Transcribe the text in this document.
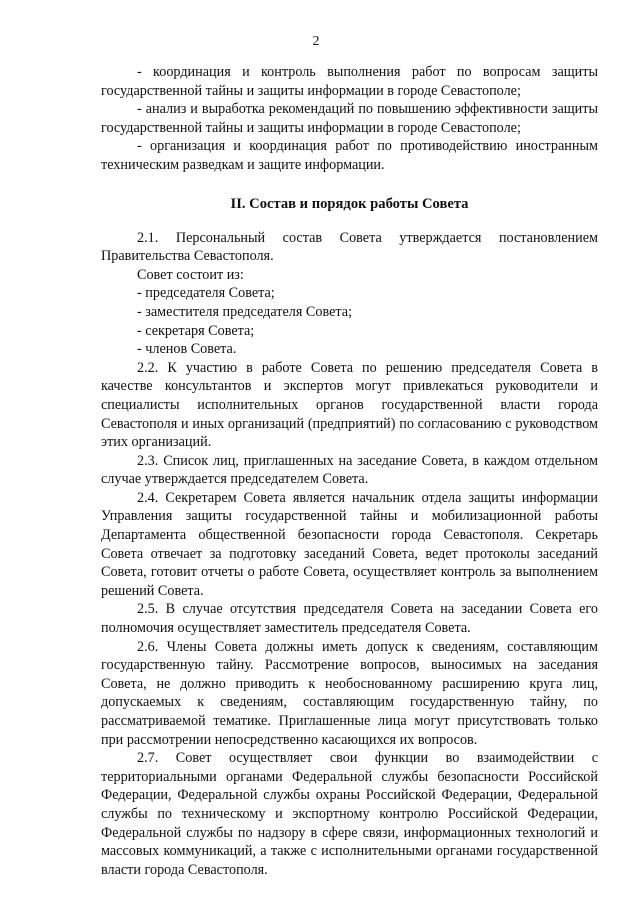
2

- координация и контроль выполнения работ по вопросам защиты государственной тайны и защиты информации в городе Севастополе;

- анализ и выработка рекомендаций по повышению эффективности защиты государственной тайны и защиты информации в городе Севастополе;

- организация и координация работ по противодействию иностранным техническим разведкам и защите информации.

II. Состав и порядок работы Совета

2.1. Персональный состав Совета утверждается постановлением Правительства Севастополя.

Совет состоит из:

- председателя Совета;

- заместителя председателя Совета;

- секретаря Совета;

- членов Совета.

2.2. К участию в работе Совета по решению председателя Совета в качестве консультантов и экспертов могут привлекаться руководители и специалисты исполнительных органов государственной власти города Севастополя и иных организаций (предприятий) по согласованию с руководством этих организаций.

2.3. Список лиц, приглашенных на заседание Совета, в каждом отдельном случае утверждается председателем Совета.

2.4. Секретарем Совета является начальник отдела защиты информации Управления защиты государственной тайны и мобилизационной работы Департамента общественной безопасности города Севастополя. Секретарь Совета отвечает за подготовку заседаний Совета, ведет протоколы заседаний Совета, готовит отчеты о работе Совета, осуществляет контроль за выполнением решений Совета.

2.5. В случае отсутствия председателя Совета на заседании Совета его полномочия осуществляет заместитель председателя Совета.

2.6. Члены Совета должны иметь допуск к сведениям, составляющим государственную тайну. Рассмотрение вопросов, выносимых на заседания Совета, не должно приводить к необоснованному расширению круга лиц, допускаемых к сведениям, составляющим государственную тайну, по рассматриваемой тематике. Приглашенные лица могут присутствовать только при рассмотрении непосредственно касающихся их вопросов.

2.7. Совет осуществляет свои функции во взаимодействии с территориальными органами Федеральной службы безопасности Российской Федерации, Федеральной службы охраны Российской Федерации, Федеральной службы по техническому и экспортному контролю Российской Федерации, Федеральной службы по надзору в сфере связи, информационных технологий и массовых коммуникаций, а также с исполнительными органами государственной власти города Севастополя.
